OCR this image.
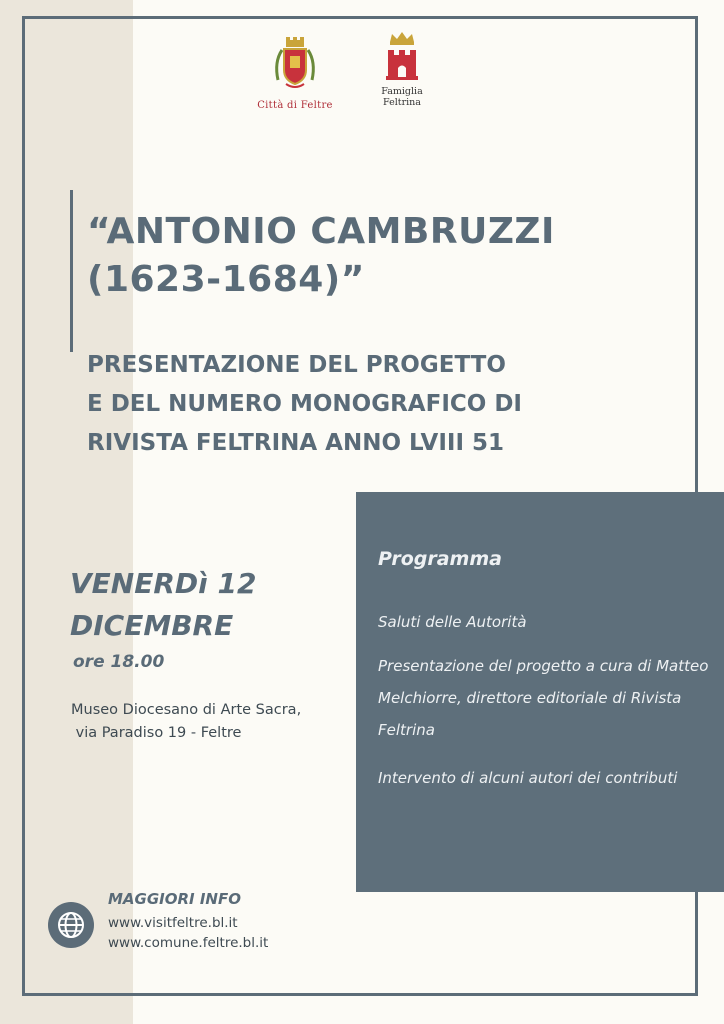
Città di Feltre
Famiglia
Feltrina
“ANTONIO CAMBRUZZI
(1623-1684)”
PRESENTAZIONE DEL PROGETTO
E DEL NUMERO MONOGRAFICO DI
RIVISTA FELTRINA ANNO LVIII 51
VENERDì 12
DICEMBRE
ore 18.00
Museo Diocesano di Arte Sacra,
via Paradiso 19 - Feltre
Programma
Saluti delle Autorità
Presentazione del progetto a cura di Matteo Melchiorre, direttore editoriale di Rivista Feltrina
Intervento di alcuni autori dei contributi
MAGGIORI INFO
www.visitfeltre.bl.it
www.comune.feltre.bl.it
